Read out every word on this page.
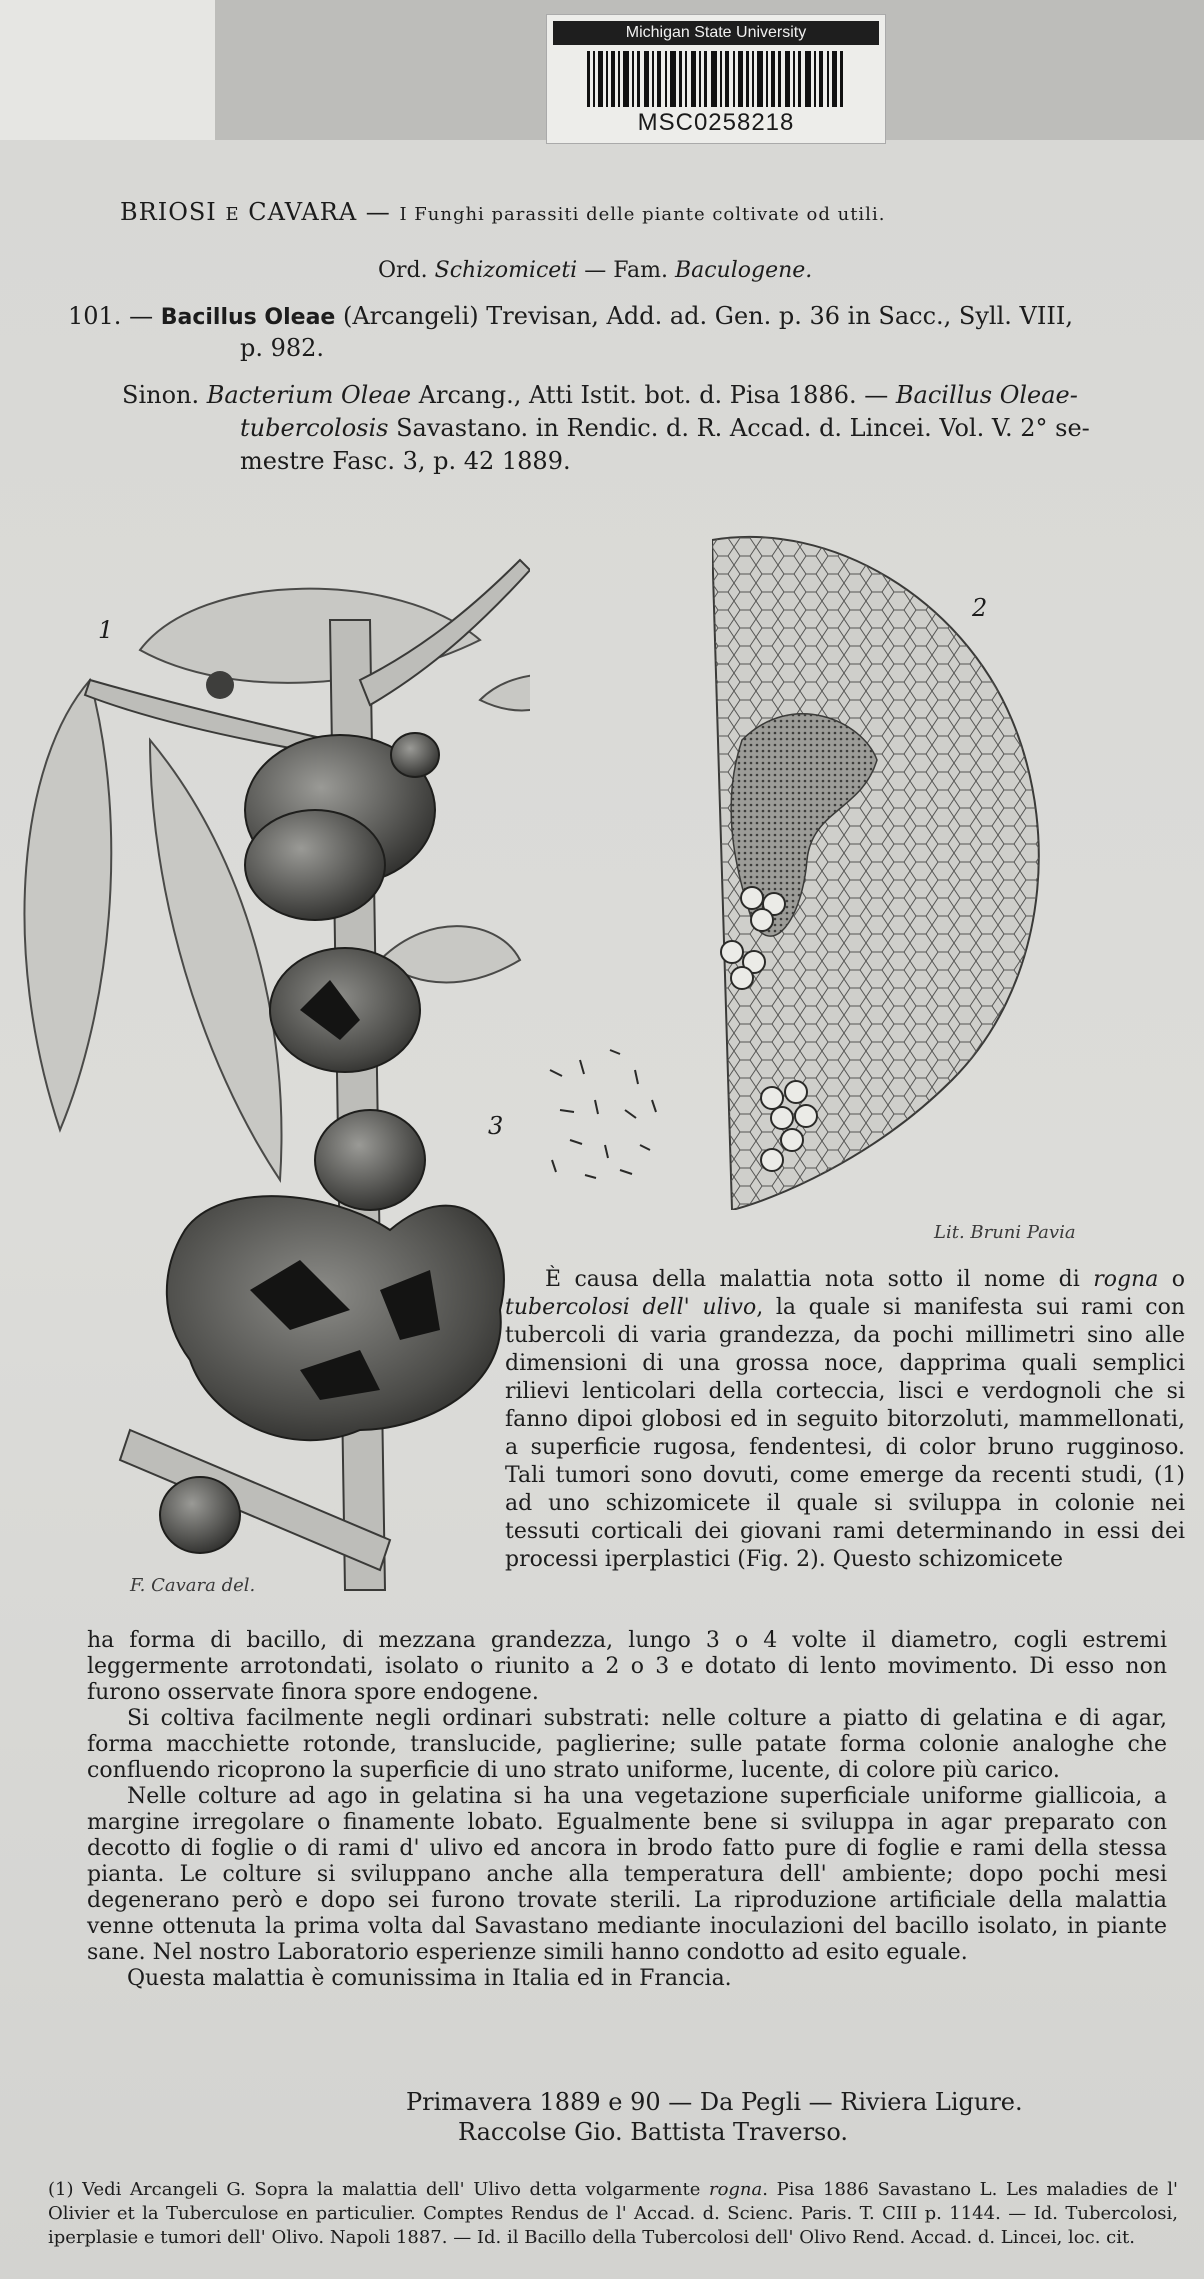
Michigan State University
MSC0258218
BRIOSI E CAVARA — I Funghi parassiti delle piante coltivate od utili.
Ord. Schizomiceti — Fam. Baculogene.
101. — Bacillus Oleae (Arcangeli) Trevisan, Add. ad. Gen. p. 36 in Sacc., Syll. VIII,
p. 982.
Sinon. Bacterium Oleae Arcang., Atti Istit. bot. d. Pisa 1886. — Bacillus Oleae-
tubercolosis Savastano. in Rendic. d. R. Accad. d. Lincei. Vol. V. 2° se-
mestre Fasc. 3, p. 42 1889.
1
F. Cavara del.
3
2
Lit. Bruni Pavia

È causa della malattia nota sotto il nome di rogna o tubercolosi dell' ulivo, la quale si manifesta sui rami con tubercoli di varia grandezza, da pochi millimetri sino alle dimensioni di una grossa noce, dapprima quali semplici rilievi lenticolari della corteccia, lisci e verdognoli che si fanno dipoi globosi ed in seguito bitorzoluti, mammellonati, a superficie rugosa, fendentesi, di color bruno rugginoso. Tali tumori sono dovuti, come emerge da recenti studi, (1) ad uno schizomicete il quale si sviluppa in colonie nei tessuti corticali dei giovani rami determinando in essi dei processi iperplastici (Fig. 2). Questo schizomicete

ha forma di bacillo, di mezzana grandezza, lungo 3 o 4 volte il diametro, cogli estremi leggermente arrotondati, isolato o riunito a 2 o 3 e dotato di lento movimento. Di esso non furono osservate finora spore endogene.

Si coltiva facilmente negli ordinari substrati: nelle colture a piatto di gelatina e di agar, forma macchiette rotonde, translucide, paglierine; sulle patate forma colonie analoghe che confluendo ricoprono la superficie di uno strato uniforme, lucente, di colore più carico.

Nelle colture ad ago in gelatina si ha una vegetazione superficiale uniforme giallicoia, a margine irregolare o finamente lobato. Egualmente bene si sviluppa in agar preparato con decotto di foglie o di rami d' ulivo ed ancora in brodo fatto pure di foglie e rami della stessa pianta. Le colture si sviluppano anche alla temperatura dell' ambiente; dopo pochi mesi degenerano però e dopo sei furono trovate sterili. La riproduzione artificiale della malattia venne ottenuta la prima volta dal Savastano mediante inoculazioni del bacillo isolato, in piante sane. Nel nostro Laboratorio esperienze simili hanno condotto ad esito eguale.

Questa malattia è comunissima in Italia ed in Francia.

Primavera 1889 e 90 — Da Pegli — Riviera Ligure.
Raccolse Gio. Battista Traverso.
(1) Vedi Arcangeli G. Sopra la malattia dell' Ulivo detta volgarmente rogna. Pisa 1886 Savastano L. Les maladies de l' Olivier et la Tuberculose en particulier. Comptes Rendus de l' Accad. d. Scienc. Paris. T. CIII p. 1144. — Id. Tubercolosi, iperplasie e tumori dell' Olivo. Napoli 1887. — Id. il Bacillo della Tubercolosi dell' Olivo Rend. Accad. d. Lincei, loc. cit.
